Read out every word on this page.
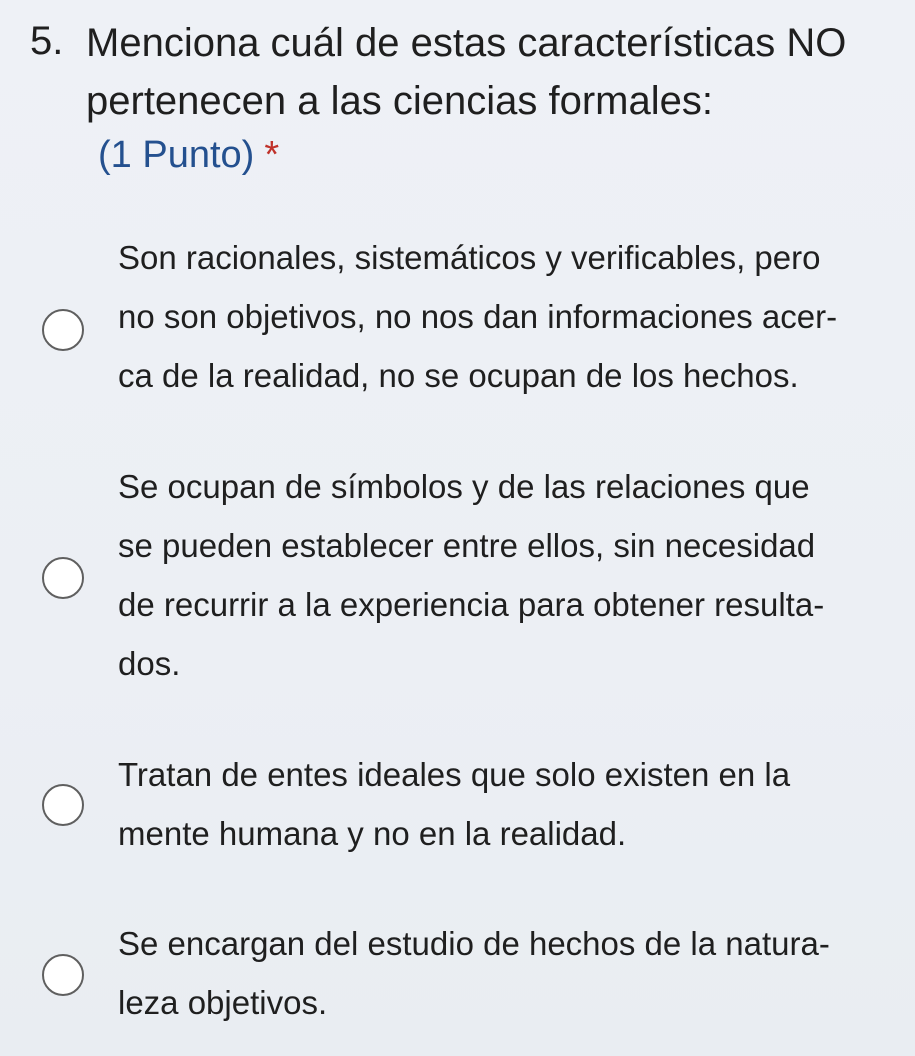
5. Menciona cuál de estas características NO pertenecen a las ciencias formales:
(1 Punto) *
Son racionales, sistemáticos y verificables, pero
no son objetivos, no nos dan informaciones acer-
ca de la realidad, no se ocupan de los hechos.
Se ocupan de símbolos y de las relaciones que
se pueden establecer entre ellos, sin necesidad
de recurrir a la experiencia para obtener resulta-
dos.
Tratan de entes ideales que solo existen en la
mente humana y no en la realidad.
Se encargan del estudio de hechos de la natura-
leza objetivos.
